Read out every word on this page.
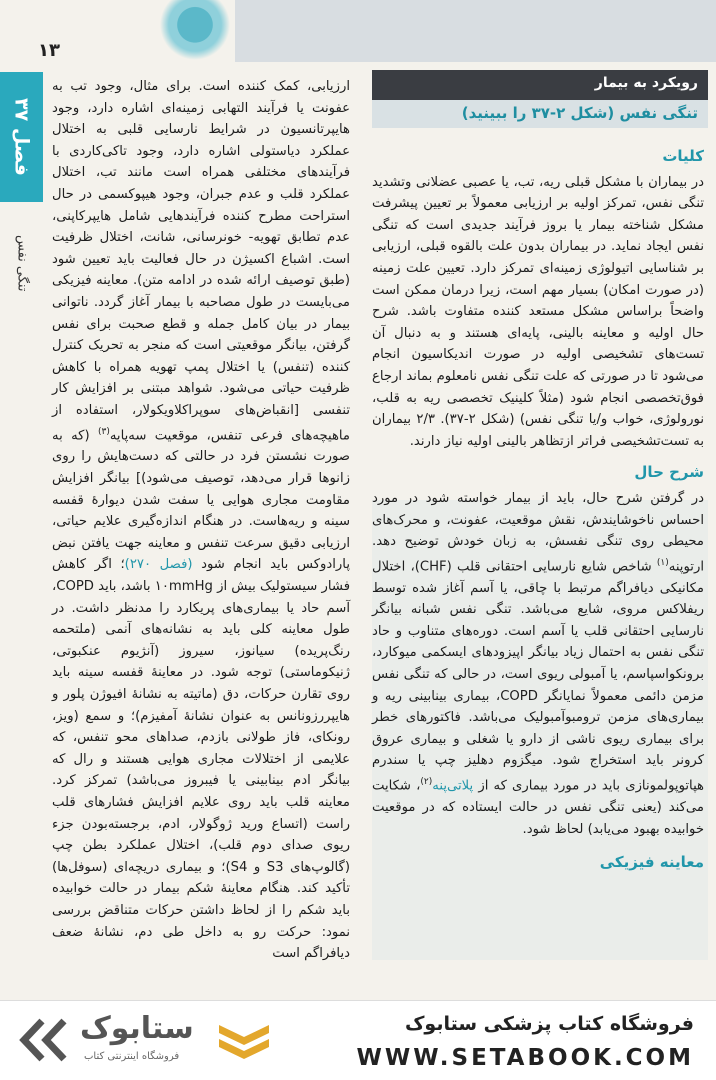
۱۳
فصل ۳۷
تنگی نفس

ارزیابی، کمک کننده است. برای مثال، وجود تب به عفونت یا فرآیند التهابی زمینه‌ای اشاره دارد، وجود هایپرتانسیون در شرایط نارسایی قلبی به اختلال عملکرد دیاستولی اشاره دارد، وجود تاکی‌کاردی با فرآیندهای مختلفی همراه است مانند تب، اختلال عملکرد قلب و عدم جبران، وجود هیپوکسمی در حال استراحت مطرح کننده فرآیندهایی شامل هایپرکاپنی، عدم تطابق تهویه- خونرسانی، شانت، اختلال ظرفیت است. اشباع اکسیژن در حال فعالیت باید تعیین شود (طبق توصیف ارائه شده در ادامه متن). معاینه فیزیکی می‌بایست در طول مصاحبه با بیمار آغاز گردد. ناتوانی بیمار در بیان کامل جمله و قطع صحبت برای نفس گرفتن، بیانگر موقعیتی است که منجر به تحریک کنترل کننده (تنفس) یا اختلال پمپ تهویه همراه با کاهش ظرفیت حیاتی می‌شود. شواهد مبتنی بر افزایش کار تنفسی [انقباض‌های سوپراکلاویکولار، استفاده از ماهیچه‌های فرعی تنفس، موقعیت سه‌پایه$^{(۳)}$ (که به صورت نشستن فرد در حالتی که دست‌هایش را روی زانوها قرار می‌دهد، توصیف می‌شود)] بیانگر افزایش مقاومت مجاری هوایی یا سفت شدن دیوارهٔ قفسه سینه و ریه‌هاست. در هنگام اندازه‌گیری علایم حیاتی، ارزیابی دقیق سرعت تنفس و معاینه جهت یافتن نبض پارادوکس باید انجام شود (فصل ۲۷۰)؛ اگر کاهش فشار سیستولیک بیش از ۱۰mmHg باشد، باید COPD، آسم حاد یا بیماری‌های پریکارد را مدنظر داشت. در طول معاینه کلی باید به نشانه‌های آنمی (ملتحمه رنگ‌پریده) سیانوز، سیروز (آنژیوم عنکبوتی، ژنیکوماستی) توجه شود. در معاینهٔ قفسه سینه باید روی تقارن حرکات، دق (ماتیته به نشانهٔ افیوژن پلور و هایپررزونانس به عنوان نشانهٔ آمفیزم)؛ و سمع (ویز، رونکای، فاز طولانی بازدم، صداهای محو تنفس، که علایمی از اختلالات مجاری هوایی هستند و رال که بیانگر ادم بینابینی یا فیبروز می‌باشد) تمرکز کرد. معاینه قلب باید روی علایم افزایش فشارهای قلب راست (اتساع ورید ژوگولار، ادم، برجسته‌بودن جزء ریوی صدای دوم قلب)، اختلال عملکرد بطن چپ (گالوپ‌های S3 و S4)؛ و بیماری دریچه‌ای (سوفل‌ها) تأکید کند. هنگام معاینهٔ شکم بیمار در حالت خوابیده باید شکم را از لحاظ داشتن حرکات متناقض بررسی نمود: حرکت رو به داخل طی دم، نشانهٔ ضعف دیافراگم است

رویکرد به بیمار
تنگی نفس (شکل ۲-۳۷ را ببینید)
کلیات

در بیماران با مشکل قبلی ریه، تب، یا عصبی عضلانی وتشدید تنگی نفس، تمرکز اولیه بر ارزیابی معمولاً بر تعیین پیشرفت مشکل شناخته بیمار یا بروز فرآیند جدیدی است که تنگی نفس ایجاد نماید. در بیماران بدون علت بالقوه قبلی، ارزیابی بر شناسایی اتیولوژی زمینه‌ای تمرکز دارد. تعیین علت زمینه (در صورت امکان) بسیار مهم است، زیرا درمان ممکن است واضحاً براساس مشکل مستعد کننده متفاوت باشد. شرح حال اولیه و معاینه بالینی، پایه‌ای هستند و به دنبال آن تست‌های تشخیصی اولیه در صورت اندیکاسیون انجام می‌شود تا در صورتی که علت تنگی نفس نامعلوم بماند ارجاع فوق‌تخصصی انجام شود (مثلاً کلینیک تخصصی ریه به قلب، نورولوژی، خواب و/یا تنگی نفس) (شکل ۲-۳۷). ۲/۳ بیماران به تست‌تشخیصی فراتر ازتظاهر بالینی اولیه نیاز دارند.

شرح حال

در گرفتن شرح حال، باید از بیمار خواسته شود در مورد احساس ناخوشایندش، نقش موقعیت، عفونت، و محرک‌های محیطی روی تنگی نفسش، به زبان خودش توضیح دهد. ارتوپنه$^{(۱)}$ شاخص شایع نارسایی احتقانی قلب (CHF)، اختلال مکانیکی دیافراگم مرتبط با چاقی، یا آسم آغاز شده توسط ریفلاکس مروی، شایع می‌باشد. تنگی نفس شبانه بیانگر نارسایی احتقانی قلب یا آسم است. دوره‌های متناوب و حاد تنگی نفس به احتمال زیاد بیانگر اپیزودهای ایسکمی میوکارد، برونکواسپاسم، یا آمبولی ریوی است، در حالی که تنگی نفس مزمن دائمی معمولاً نمایانگر COPD، بیماری بینابینی ریه و بیماری‌های مزمن ترومبوآمبولیک می‌باشد. فاکتورهای خطر برای بیماری ریوی ناشی از دارو یا شغلی و بیماری عروق کرونر باید استخراج شود. میگزوم دهلیز چپ یا سندرم هپاتوپولمونازی باید در مورد بیماری که از پلاتی‌پنه$^{(۲)}$، شکایت می‌کند (یعنی تنگی نفس در حالت ایستاده که در موقعیت خوابیده بهبود می‌یابد) لحاظ شود.

معاینه فیزیکی
ستابوک
فروشگاه اینترنتی کتاب
فروشگاه کتاب پزشکی ستابوک
WWW.SETABOOK.COM
